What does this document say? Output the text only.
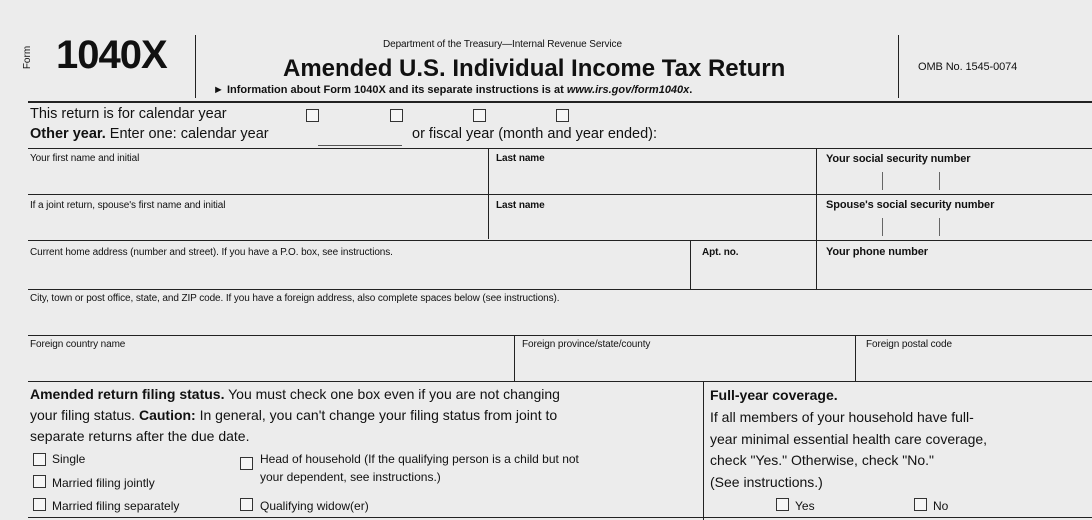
Form 1040X	Department of the Treasury—Internal Revenue Service
Amended U.S. Individual Income Tax Return
► Information about Form 1040X and its separate instructions is at www.irs.gov/form1040x.
OMB No. 1545-0074
This return is for calendar year
Other year. Enter one: calendar year	or fiscal year (month and year ended):
Your first name and initial	Last name	Your social security number
If a joint return, spouse's first name and initial	Last name	Spouse's social security number
Current home address (number and street). If you have a P.O. box, see instructions.	Apt. no.	Your phone number
City, town or post office, state, and ZIP code. If you have a foreign address, also complete spaces below (see instructions).
Foreign country name	Foreign province/state/county	Foreign postal code
Amended return filing status. You must check one box even if you are not changing
your filing status. Caution: In general, you can't change your filing status from joint to
separate returns after the due date.
Single
Married filing jointly
Married filing separately
Head of household (If the qualifying person is a child but not
your dependent, see instructions.)
Qualifying widow(er)
Full-year coverage.
If all members of your household have full-
year minimal essential health care coverage,
check "Yes." Otherwise, check "No."
(See instructions.)
Yes	No
